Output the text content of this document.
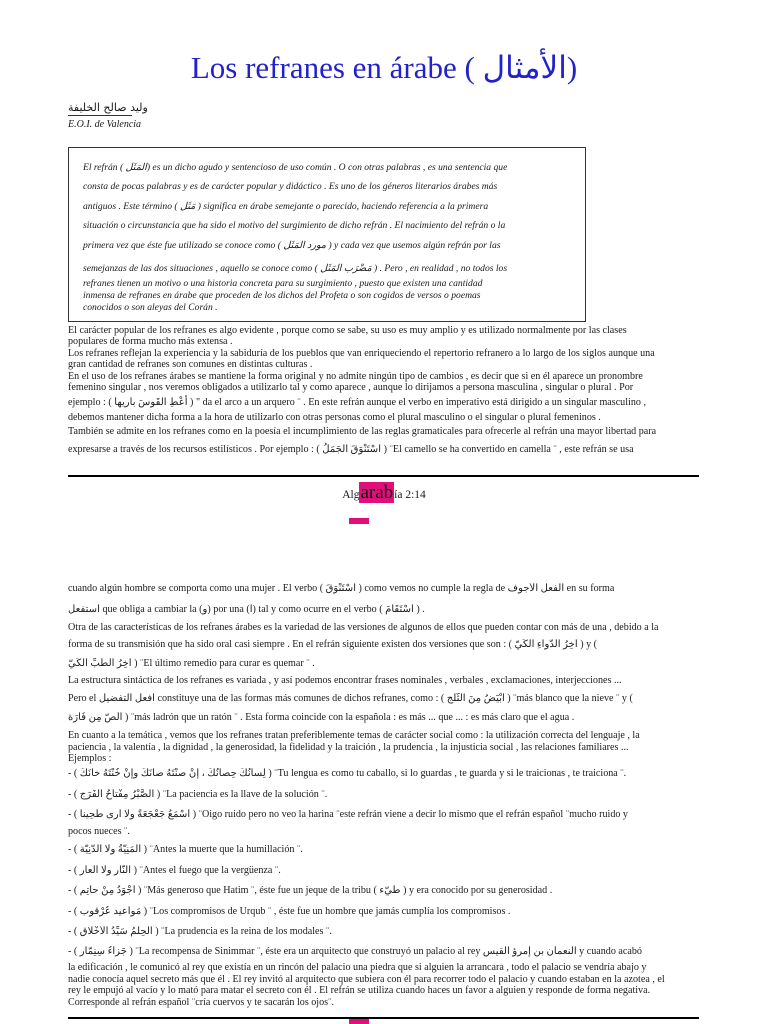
Los refranes en árabe ( الأمثال)
وليد صالح الخليفة
E.O.I. de Valencia

El refrán ( المَثَل) es un dicho agudo y sentencioso de uso común . O con otras palabras , es una sentencia que

consta de pocas palabras y es de carácter popular y didáctico . Es uno de los géneros literarios árabes más

antiguos . Este término ( مَثَل ) significa en árabe semejante o parecido, haciendo referencia a la primera

situación o circunstancia que ha sido el motivo del surgimiento de dicho refrán . El nacimiento del refrán o la

primera vez que éste fue utilizado se conoce como ( مورد المَثَل ) y cada vez que usemos algún refrán por las

semejanzas de las dos situaciones , aquello se conoce como ( مَضْرَب المَثَل ) . Pero , en realidad , no todos los

refranes tienen un motivo o una historia concreta para su surgimiento , puesto que existen una cantidad

inmensa de refranes en árabe que proceden de los dichos del Profeta o son cogidos de versos o poemas

conocidos o son aleyas del Corán .

El carácter popular de los refranes es algo evidente , porque como se sabe, su uso es muy amplio y es utilizado normalmente por las clases

populares de forma mucho más extensa .

Los refranes reflejan la experiencia y la sabiduría de los pueblos que van enriqueciendo el repertorio refranero a lo largo de los siglos aunque una

gran cantidad de refranes son comunes en distintas culturas .

En el uso de los refranes árabes se mantiene la forma original y no admite ningún tipo de cambios , es decir que si en él aparece un pronombre

femenino singular , nos veremos obligados a utilizarlo tal y como aparece , aunque lo dirijamos a persona masculina , singular o plural . Por

ejemplo : ( أعْطِ القَوسَ باريها ) " da el arco a un arquero ¨ . En este refrán aunque el verbo en imperativo está dirigido a un singular masculino ,

debemos mantener dicha forma a la hora de utilizarlo con otras personas como el plural masculino o el singular o plural femeninos .

También se admite en los refranes como en la poesía el incumplimiento de las reglas gramaticales para ofrecerle al refrán una mayor libertad para

expresarse a través de los recursos estilísticos . Por ejemplo : ( اسْتَنْوَقَ الجَمَلُ ) ¨El camello se ha convertido en camella ¨ , este refrán se usa

Algarabía 2:14
cuando algún hombre se comporta como una mujer . El verbo ( اسْتَنْوَقَ ) como vemos no cumple la regla de الفعل الأجوف en su forma
استفعل que obliga a cambiar la (و) por una (ا) tal y como ocurre en el verbo ( اسْتَقَامَ ) .
Otra de las características de los refranes árabes es la variedad de las versiones de algunos de ellos que pueden contar con más de una , debido a la
forma de su transmisión que ha sido oral casi siempre . En el refrán siguiente existen dos versiones que son : ( آخِرُ الدَّواءِ الكَيّ ) y (
آخِرُ الطِّبِّ الكَيّ ) ¨El último remedio para curar es quemar ¨ .
La estructura sintáctica de los refranes es variada , y así podemos encontrar frases nominales , verbales , exclamaciones, interjecciones ...
Pero el أفعل التفضيل constituye una de las formas más comunes de dichos refranes, como : ( أبْيَضُ مِنَ الثَّلْج ) ¨más blanco que la nieve ¨ y (
ألَصّ مِن فَارَة ) ¨más ladrón que un ratón ¨ . Esta forma coincide con la española : es más ... que ... : es más claro que el agua .
En cuanto a la temática , vemos que los refranes tratan preferiblemente temas de carácter social como : la utilización correcta del lenguaje , la
paciencia , la valentía , la dignidad , la generosidad, la fidelidad y la traición , la prudencia , la injusticia social , las relaciones familiares ...
Ejemplos :
- ( لِسانُكَ حِصانُكَ ، إنْ صنْتَهُ صانَكَ وإنْ خُنْتَهُ خانَكَ ) ¨Tu lengua es como tu caballo, si lo guardas , te guarda y si le traicionas , te traiciona ¨.
- ( الصَّبْرُ مِفْتاحُ الفَرَج ) ¨La paciencia es la llave de la solución ¨.
- ( أسْمَعُ جَعْجَعَةً ولا أرى طَحِيناً ) ¨Oigo ruido pero no veo la harina ¨este refrán viene a decir lo mismo que el refrán español ¨mucho ruido y
pocos nueces ¨.
- ( المَنِيَّةُ ولا الدَّنِيَّة ) ¨Antes la muerte que la humillación ¨.
- ( النَّار ولا العار ) ¨Antes el fuego que la vergüenza ¨.
- ( أجْوَدُ مِنْ حاتِم ) ¨Más generoso que Hatim ¨, éste fue un jeque de la tribu ( طَيّء ) y era conocido por su generosidad .
- ( مَواعيد عُرْقوب ) ¨Los compromisos de Urqub ¨ , éste fue un hombre que jamás cumplía los compromisos .
- ( الحِلْمُ سَيِّدُ الأخْلاق ) ¨La prudencia es la reina de los modales ¨.
- ( جَزاءُ سِنِمّار ) ¨La recompensa de Sinimmar ¨, éste era un arquitecto que construyó un palacio al rey النعمان بن إمرؤ القيس y cuando acabó
la edificación , le comunicó al rey que existía en un rincón del palacio una piedra que si alguien la arrancara , todo el palacio se vendría abajo y
nadie conocía aquel secreto más que él . El rey invitó al arquitecto que subiera con él para recorrer todo el palacio y cuando estaban en la azotea , el
rey le empujó al vacío y lo mató para matar el secreto con él . El refrán se utiliza cuando haces un favor a alguien y responde de forma negativa.
Corresponde al refrán español ¨cría cuervos y te sacarán los ojos¨.
